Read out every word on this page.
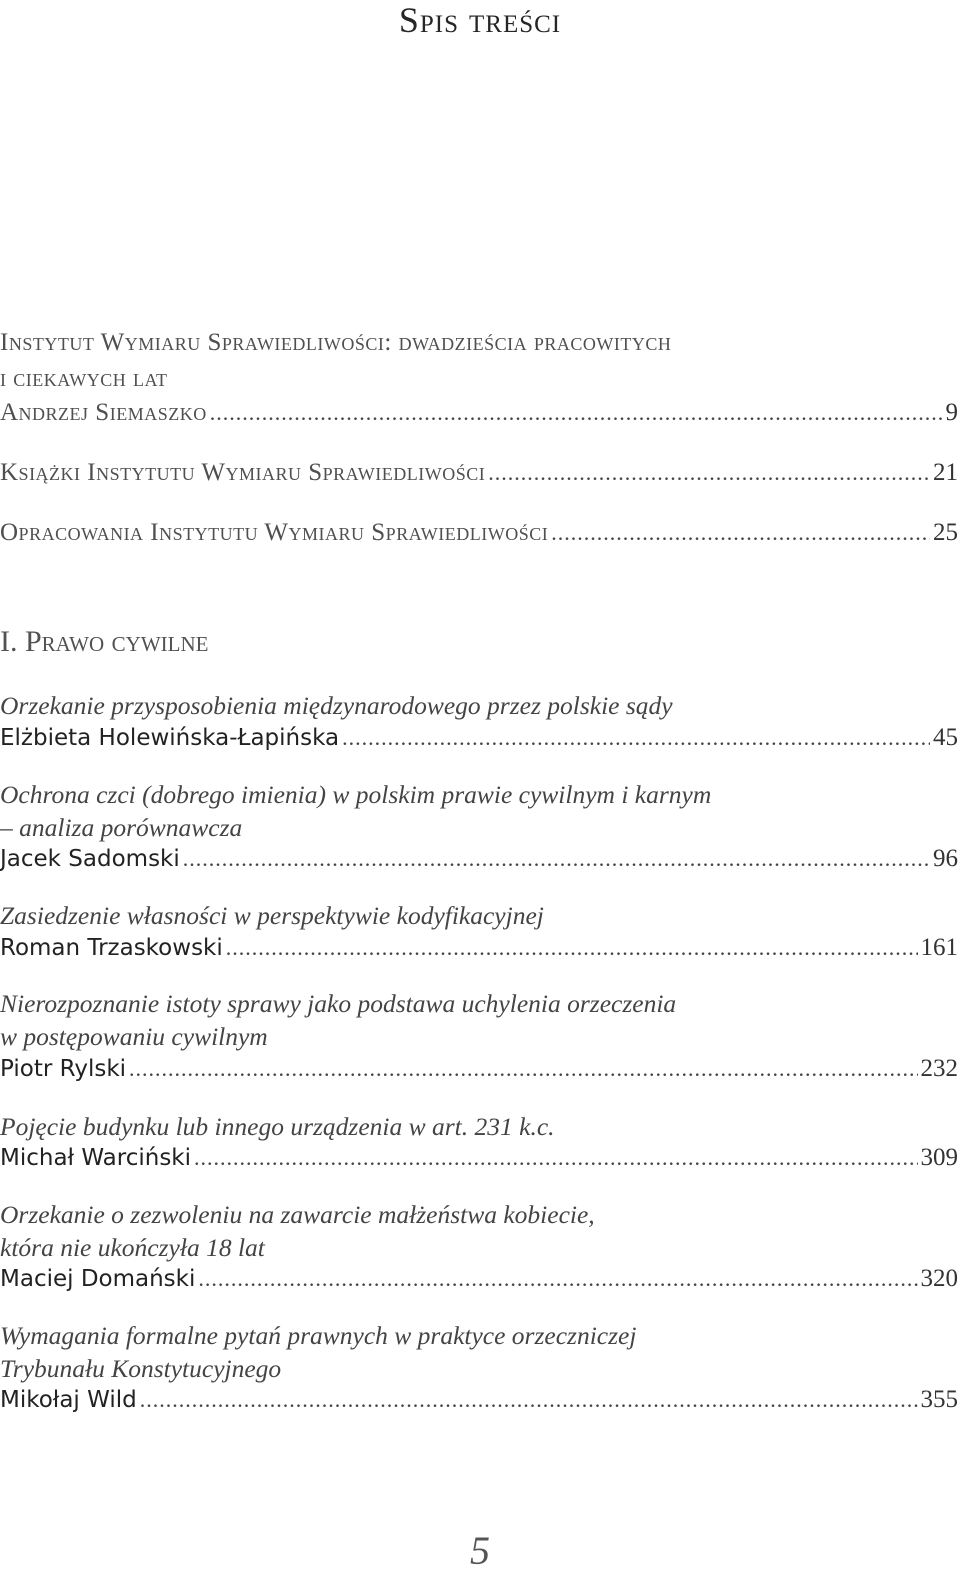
Spis treści
Instytut Wymiaru Sprawiedliwości: dwadzieścia pracowitych
i ciekawych lat
Andrzej Siemaszko .....	9
Książki Instytutu Wymiaru Sprawiedliwości .....	21
Opracowania Instytutu Wymiaru Sprawiedliwości .....	25
I. Prawo cywilne
Orzekanie przysposobienia międzynarodowego przez polskie sądy
Elżbieta Holewińska-Łapińska .....	45
Ochrona czci (dobrego imienia) w polskim prawie cywilnym i karnym
– analiza porównawcza
Jacek Sadomski .....	96
Zasiedzenie własności w perspektywie kodyfikacyjnej
Roman Trzaskowski .....	161
Nierozpoznanie istoty sprawy jako podstawa uchylenia orzeczenia
w postępowaniu cywilnym
Piotr Rylski .....	232
Pojęcie budynku lub innego urządzenia w art. 231 k.c.
Michał Warciński .....	309
Orzekanie o zezwoleniu na zawarcie małżeństwa kobiecie,
która nie ukończyła 18 lat
Maciej Domański .....	320
Wymagania formalne pytań prawnych w praktyce orzeczniczej
Trybunału Konstytucyjnego
Mikołaj Wild .....	355
5
